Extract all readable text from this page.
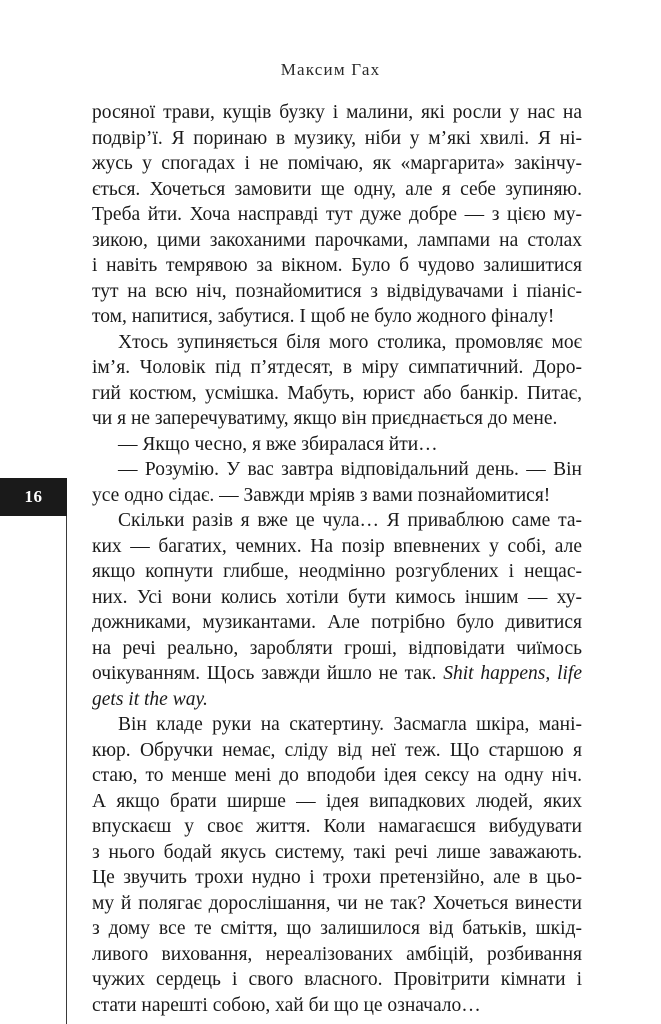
Максим Гах
16

росяної трави, кущів бузку і малини, які росли у нас на

подвір’ї. Я поринаю в музику, ніби у м’які хвилі. Я ні-

жусь у спогадах і не помічаю, як «маргарита» закінчу-

ється. Хочеться замовити ще одну, але я себе зупиняю.

Треба йти. Хоча насправді тут дуже добре — з цією му-

зикою, цими закоханими парочками, лампами на столах

і навіть темрявою за вікном. Було б чудово залишитися

тут на всю ніч, познайомитися з відвідувачами і піаніс-

том, напитися, забутися. І щоб не було жодного фіналу!

Хтось зупиняється біля мого столика, промовляє моє

ім’я. Чоловік під п’ятдесят, в міру симпатичний. Дорo-

гий костюм, усмішка. Мабуть, юрист або банкір. Питає,

чи я не заперечуватиму, якщо він приєднається до мене.

— Якщо чесно, я вже збиралася йти…

— Розумію. У вас завтра відповідальний день. — Він

усе одно сідає. — Завжди мріяв з вами познайомитися!

Скільки разів я вже це чула… Я приваблюю саме та-

ких — багатих, чемних. На позір впевнених у собі, але

якщо копнути глибше, неодмінно розгублених і нещас-

них. Усі вони колись хотіли бути кимось іншим — ху-

дожниками, музикантами. Але потрібно було дивитися

на речі реально, заробляти гроші, відповідати чиїмось

очікуванням. Щось завжди йшло не так. Shit happens, life

gets it the way.

Він кладе руки на скатертину. Засмагла шкіра, мані-

кюр. Обручки немає, сліду від неї теж. Що старшою я

стаю, то менше мені до вподоби ідея сексу на одну ніч.

А якщо брати ширше — ідея випадкових людей, яких

впускаєш у своє життя. Коли намагаєшся вибудувати

з нього бодай якусь систему, такі речі лише заважають.

Це звучить трохи нудно і трохи претензійно, але в цьо-

му й полягає дорослішання, чи не так? Хочеться винести

з дому все те сміття, що залишилося від батьків, шкід-

ливого виховання, нереалізованих амбіцій, розбивання

чужих сердець і свого власного. Провітрити кімнати і

стати нарешті собою, хай би що це означало…
